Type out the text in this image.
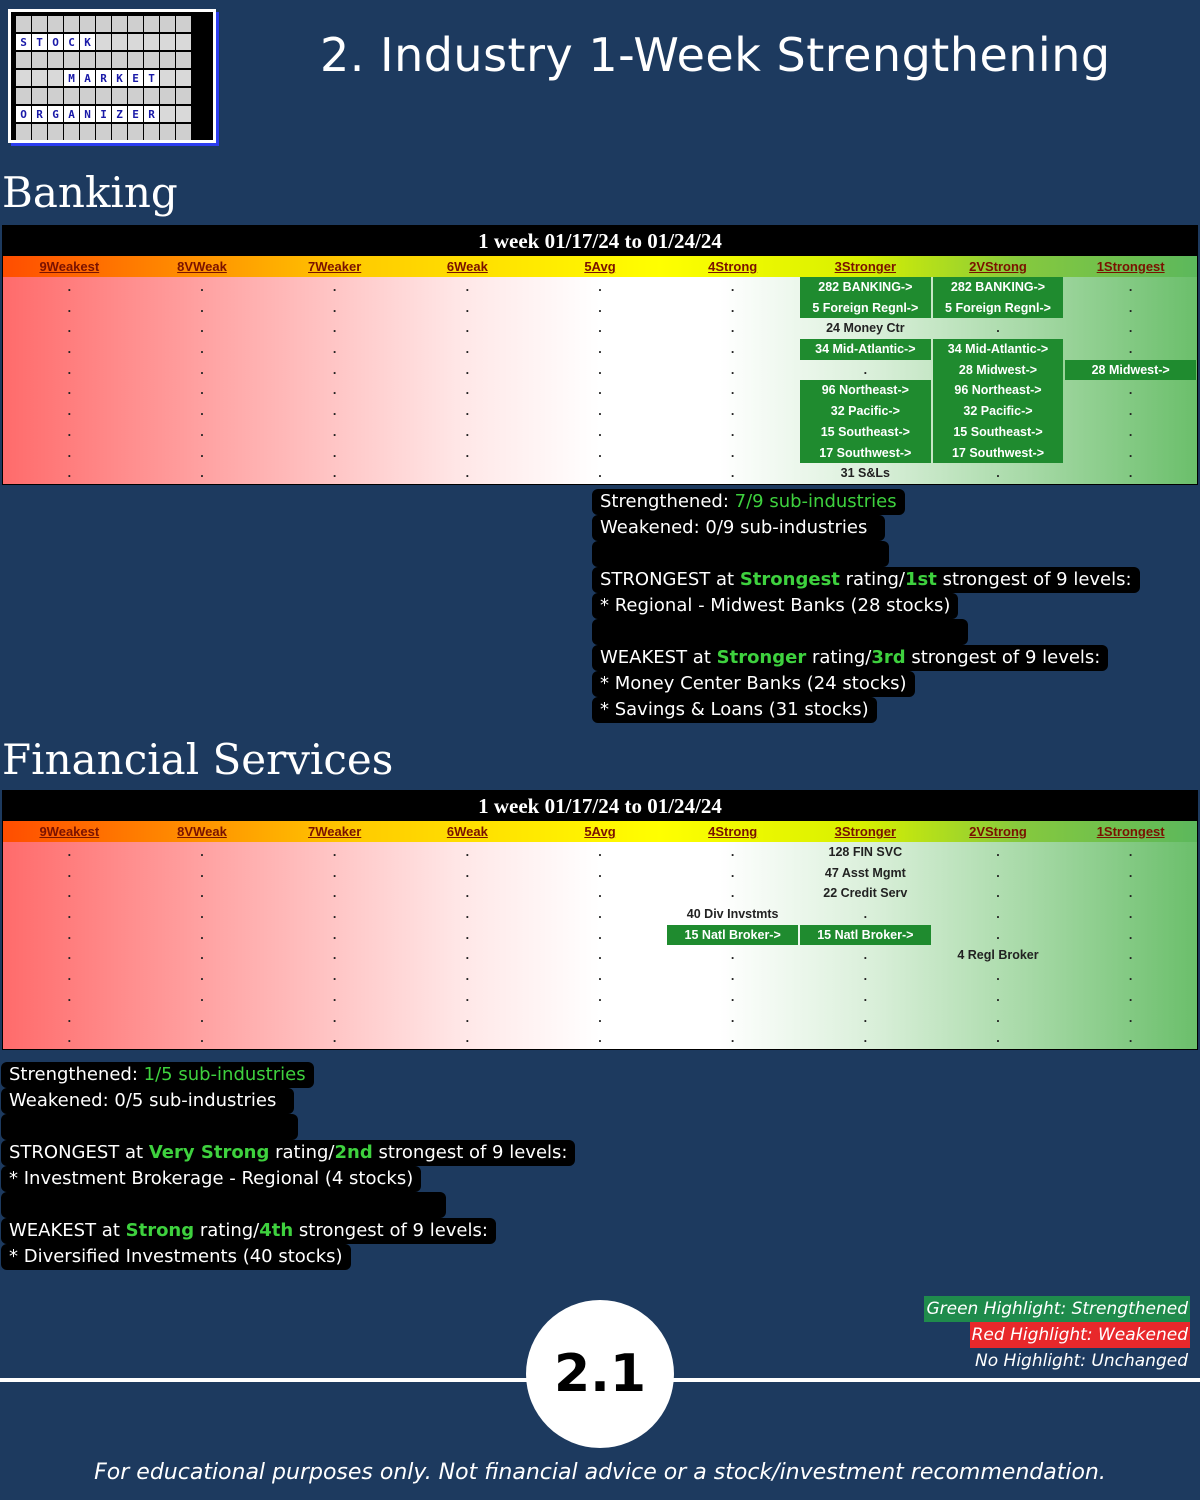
S T O C K
M A R K E T
O R G A N I Z E R
2. Industry 1-Week Strengthening
Banking
1 week 01/17/24 to 01/24/24
9Weakest	8VWeak	7Weaker	6Weak	5Avg	4Strong	3Stronger	2VStrong	1Strongest
.	.	.	.	.	.	282 BANKING->	282 BANKING->	.
.	.	.	.	.	.	5 Foreign Regnl->	5 Foreign Regnl->	.
.	.	.	.	.	.	24 Money Ctr	.	.
.	.	.	.	.	.	34 Mid-Atlantic->	34 Mid-Atlantic->	.
.	.	.	.	.	.	.	28 Midwest->	28 Midwest->
.	.	.	.	.	.	96 Northeast->	96 Northeast->	.
.	.	.	.	.	.	32 Pacific->	32 Pacific->	.
.	.	.	.	.	.	15 Southeast->	15 Southeast->	.
.	.	.	.	.	.	17 Southwest->	17 Southwest->	.
.	.	.	.	.	.	31 S&Ls	.	.
Strengthened: 7/9 sub-industries
Weakened: 0/9 sub-industries
STRONGEST at Strongest rating/1st strongest of 9 levels:
* Regional - Midwest Banks (28 stocks)
WEAKEST at Stronger rating/3rd strongest of 9 levels:
* Money Center Banks (24 stocks)
* Savings & Loans (31 stocks)
Financial Services
1 week 01/17/24 to 01/24/24
9Weakest	8VWeak	7Weaker	6Weak	5Avg	4Strong	3Stronger	2VStrong	1Strongest
.	.	.	.	.	.	128 FIN SVC	.	.
.	.	.	.	.	.	47 Asst Mgmt	.	.
.	.	.	.	.	.	22 Credit Serv	.	.
.	.	.	.	.	40 Div Invstmts	.	.	.
.	.	.	.	.	15 Natl Broker->	15 Natl Broker->	.	.
.	.	.	.	.	.	.	4 Regl Broker	.
.	.	.	.	.	.	.	.	.
.	.	.	.	.	.	.	.	.
.	.	.	.	.	.	.	.	.
.	.	.	.	.	.	.	.	.
Strengthened: 1/5 sub-industries
Weakened: 0/5 sub-industries
STRONGEST at Very Strong rating/2nd strongest of 9 levels:
* Investment Brokerage - Regional (4 stocks)
WEAKEST at Strong rating/4th strongest of 9 levels:
* Diversified Investments (40 stocks)
Green Highlight: Strengthened
Red Highlight: Weakened
No Highlight: Unchanged
2.1
For educational purposes only. Not financial advice or a stock/investment recommendation.
